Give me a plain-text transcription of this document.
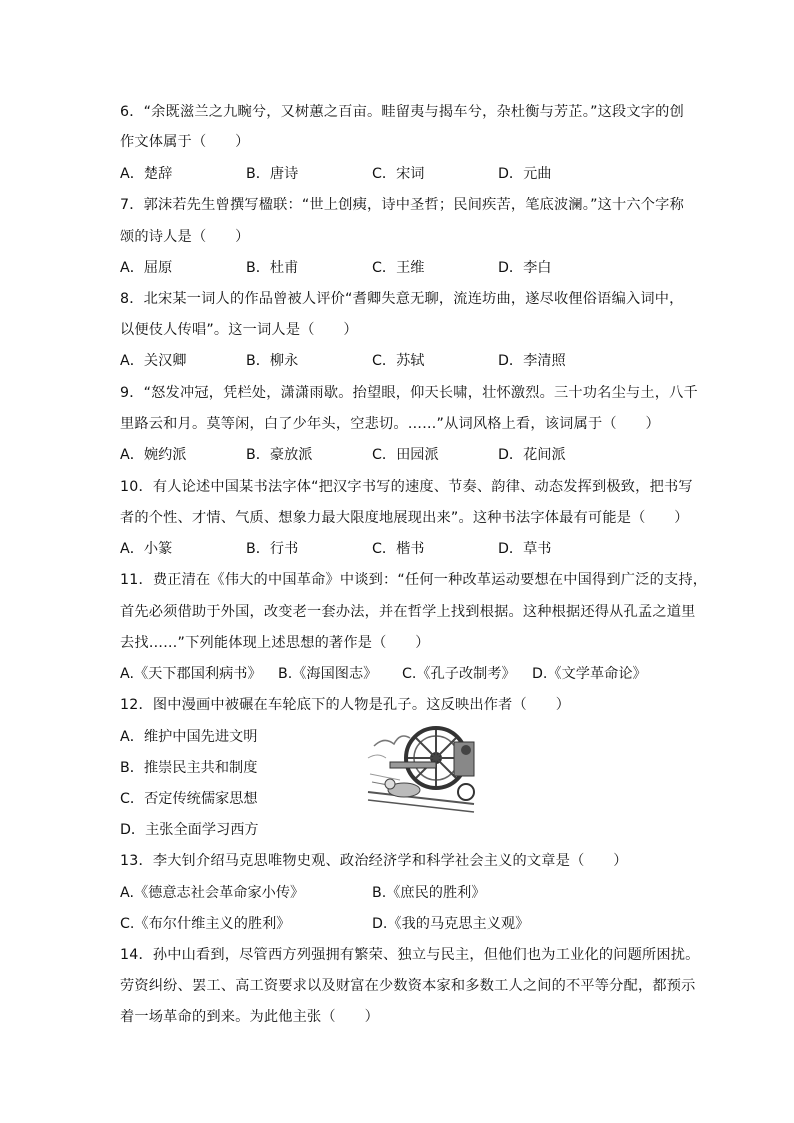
6．“余既滋兰之九畹兮，又树蕙之百亩。畦留夷与揭车兮，杂杜衡与芳芷。”这段文字的创
作文体属于（　　）
A．楚辞	B．唐诗	C．宋词	D．元曲
7．郭沫若先生曾撰写楹联：“世上创痍，诗中圣哲；民间疾苦，笔底波澜。”这十六个字称
颂的诗人是（　　）
A．屈原	B．杜甫	C．王维	D．李白
8．北宋某一词人的作品曾被人评价“耆卿失意无聊，流连坊曲，遂尽收俚俗语编入词中，
以便伎人传唱”。这一词人是（　　）
A．关汉卿	B．柳永	C．苏轼	D．李清照
9．“怒发冲冠，凭栏处，潇潇雨歇。抬望眼，仰天长啸，壮怀激烈。三十功名尘与土，八千
里路云和月。莫等闲，白了少年头，空悲切。……”从词风格上看，该词属于（　　）
A．婉约派	B．豪放派	C．田园派	D．花间派
10．有人论述中国某书法字体“把汉字书写的速度、节奏、韵律、动态发挥到极致，把书写
者的个性、才情、气质、想象力最大限度地展现出来”。这种书法字体最有可能是（　　）
A．小篆	B．行书	C．楷书	D．草书
11．费正清在《伟大的中国革命》中谈到：“任何一种改革运动要想在中国得到广泛的支持，
首先必须借助于外国，改变老一套办法，并在哲学上找到根据。这种根据还得从孔孟之道里
去找……”下列能体现上述思想的著作是（　　）
A.《天下郡国利病书》 B.《海国图志》 C.《孔子改制考》 D.《文学革命论》
12．图中漫画中被碾在车轮底下的人物是孔子。这反映出作者（　　）
A．维护中国先进文明
B．推崇民主共和制度
C．否定传统儒家思想
D．主张全面学习西方
13．李大钊介绍马克思唯物史观、政治经济学和科学社会主义的文章是（　　）
A.《德意志社会革命家小传》	B.《庶民的胜利》
C.《布尔什维主义的胜利》	D.《我的马克思主义观》
14．孙中山看到，尽管西方列强拥有繁荣、独立与民主，但他们也为工业化的问题所困扰。
劳资纠纷、罢工、高工资要求以及财富在少数资本家和多数工人之间的不平等分配，都预示
着一场革命的到来。为此他主张（　　）
